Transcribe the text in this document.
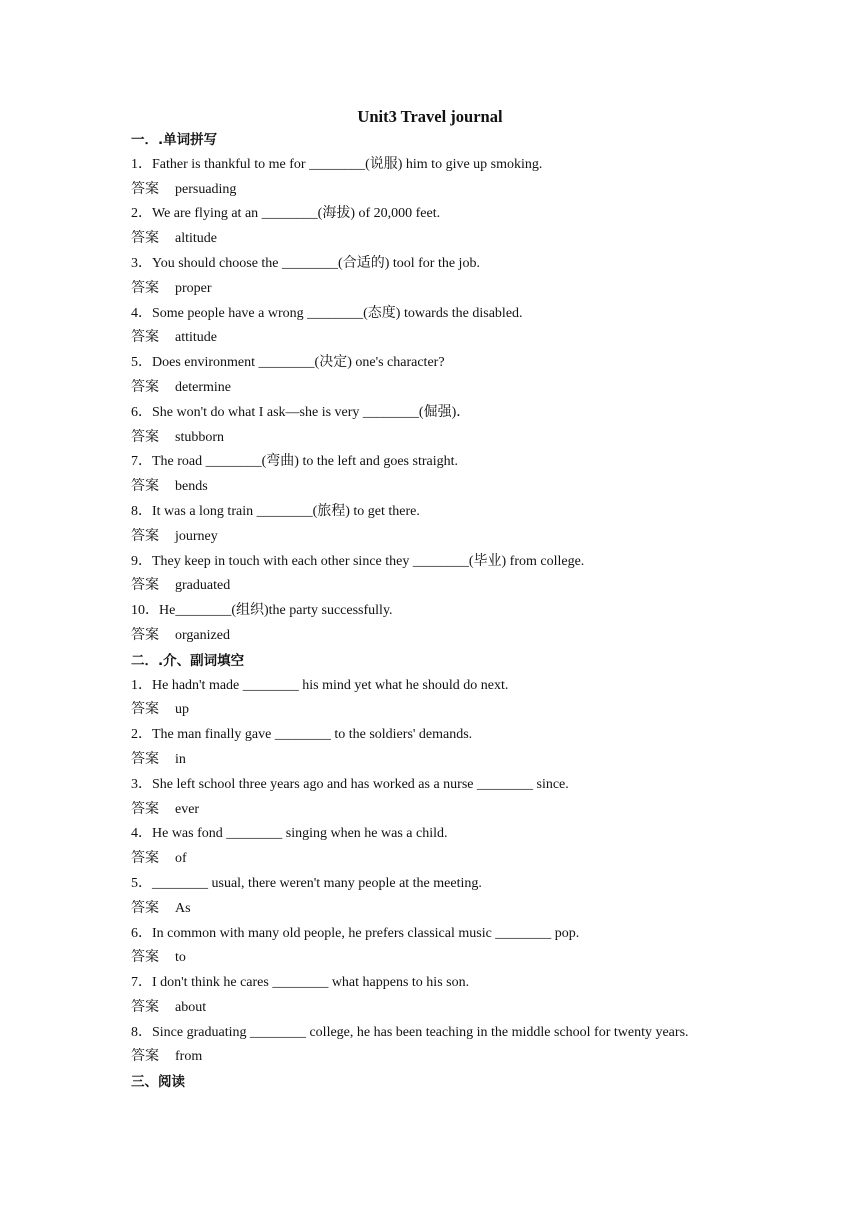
Unit3 Travel journal
一．.单词拼写
1．Father is thankful to me for ________(说服) him to give up smoking.
答案 persuading
2．We are flying at an ________(海拔) of 20,000 feet.
答案 altitude
3．You should choose the ________(合适的) tool for the job.
答案 proper
4．Some people have a wrong ________(态度) towards the disabled.
答案 attitude
5．Does environment ________(决定) one's character?
答案 determine
6．She won't do what I ask—she is very ________(倔强)．
答案 stubborn
7．The road ________(弯曲) to the left and goes straight.
答案 bends
8．It was a long train ________(旅程) to get there.
答案 journey
9．They keep in touch with each other since they ________(毕业) from college.
答案 graduated
10．He________(组织)the party successfully.
答案 organized
二．.介、副词填空
1．He hadn't made ________ his mind yet what he should do next.
答案 up
2．The man finally gave ________ to the soldiers' demands.
答案 in
3．She left school three years ago and has worked as a nurse ________ since.
答案 ever
4．He was fond ________ singing when he was a child.
答案 of
5．________ usual, there weren't many people at the meeting.
答案 As
6．In common with many old people, he prefers classical music ________ pop.
答案 to
7．I don't think he cares ________ what happens to his son.
答案 about
8．Since graduating ________ college, he has been teaching in the middle school for twenty years.
答案 from
三、阅读
